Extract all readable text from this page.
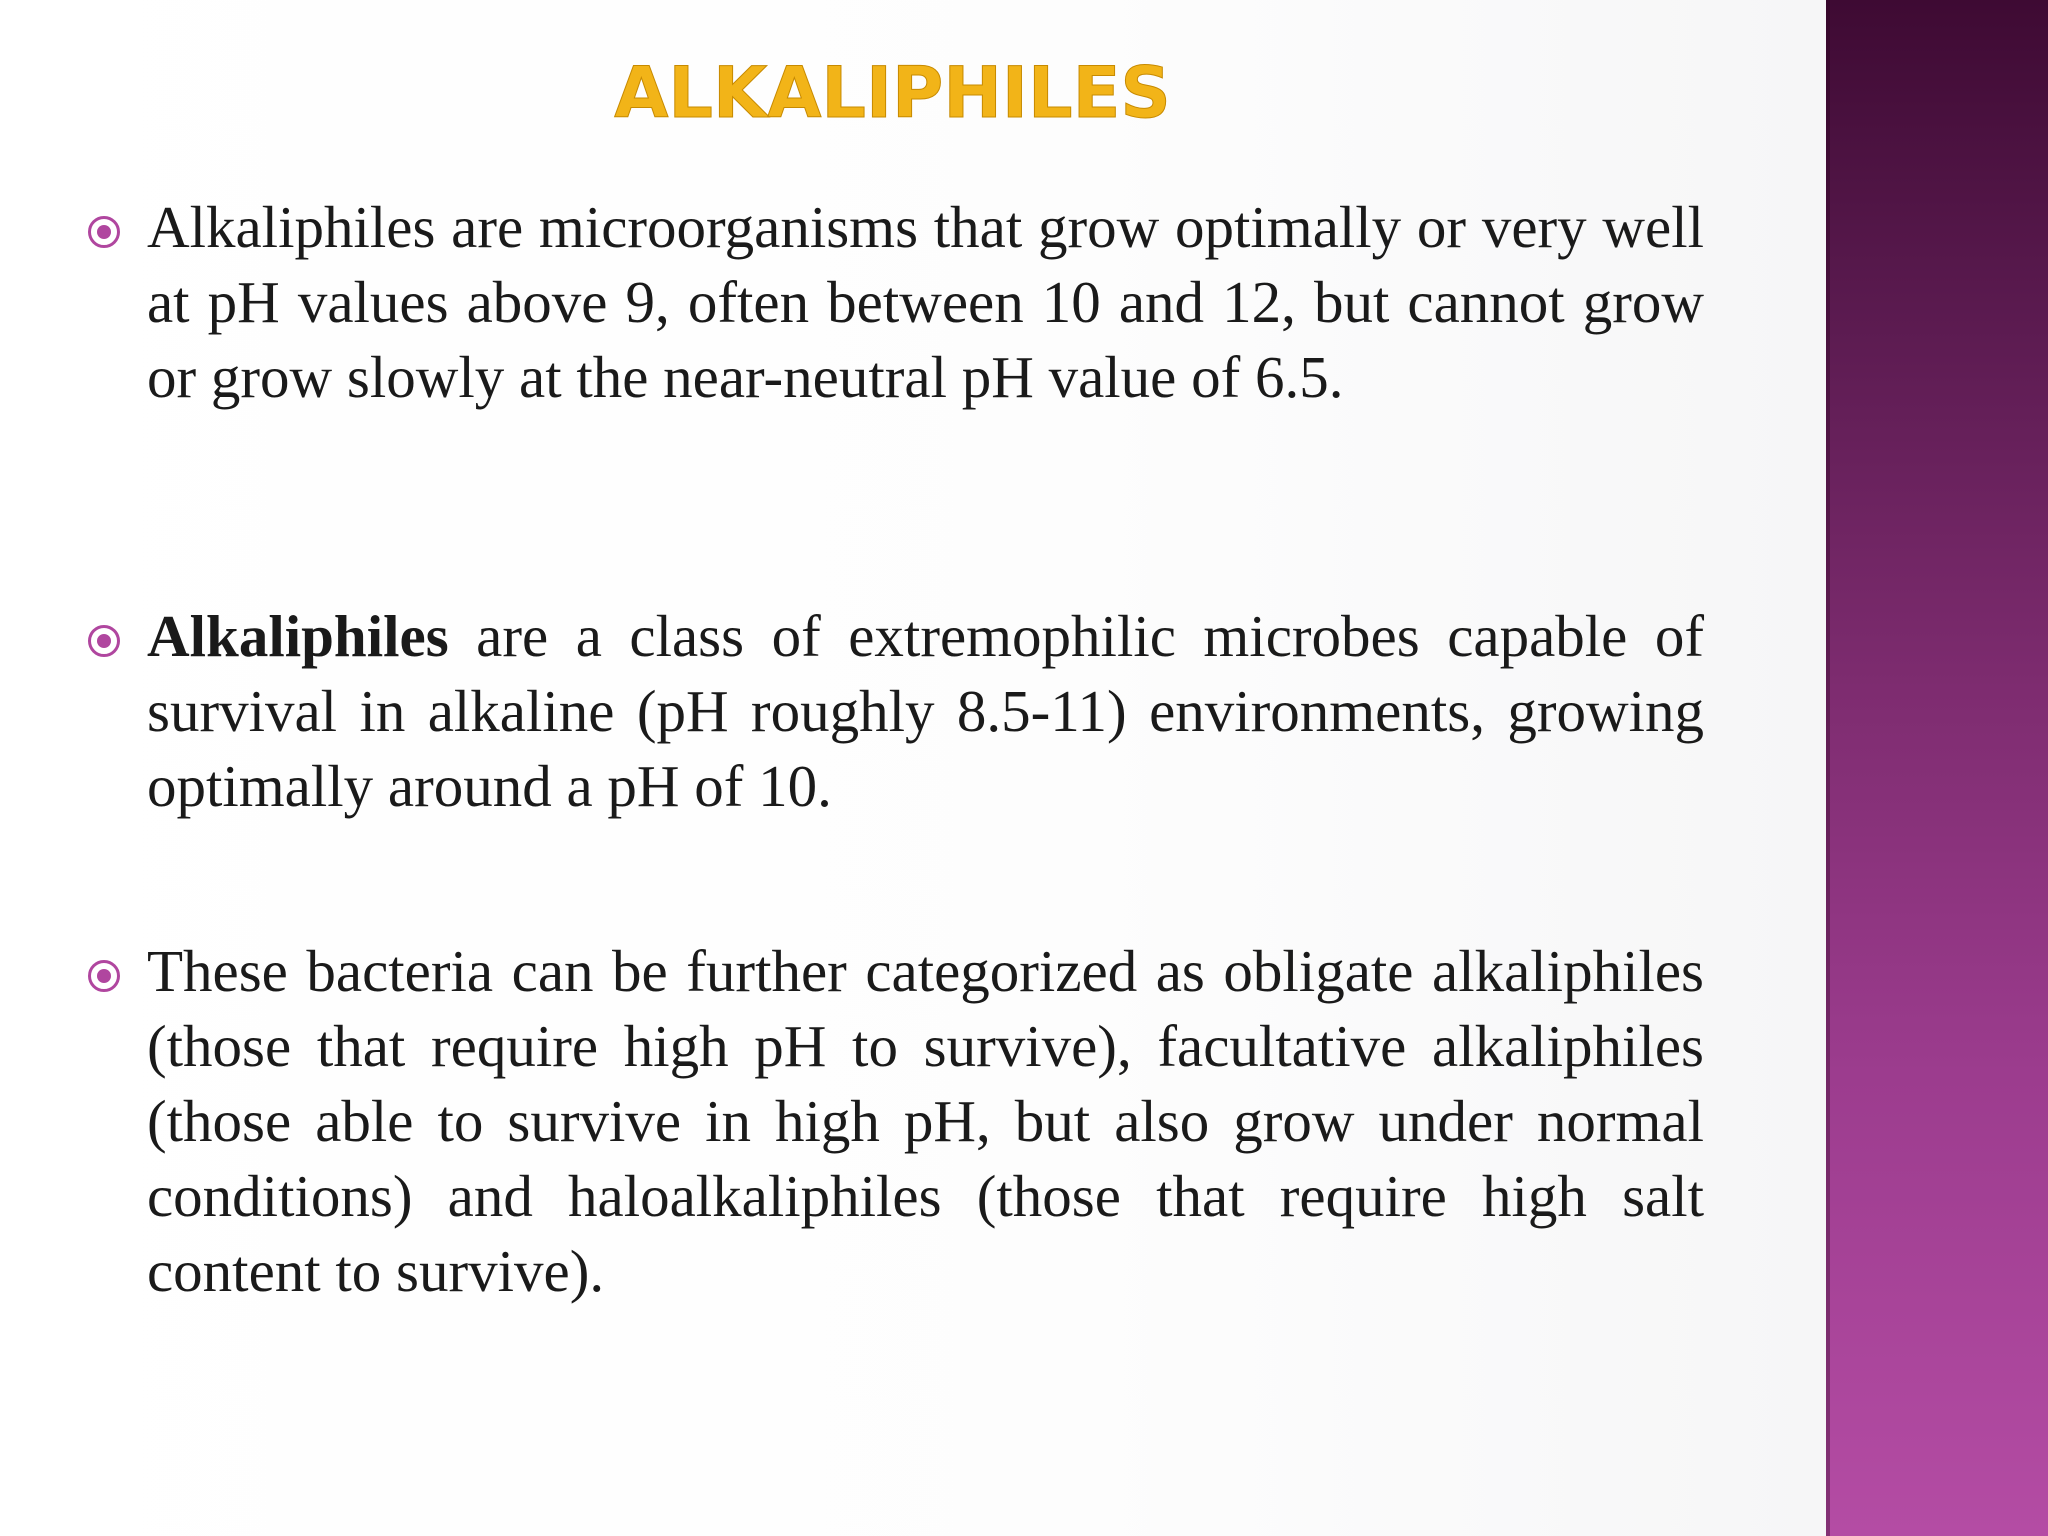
ALKALIPHILES
Alkaliphiles are microorganisms that grow optimally or very well at pH values above 9, often between 10 and 12, but cannot grow or grow slowly at the near-neutral pH value of 6.5.
Alkaliphiles are a class of extremophilic microbes capable of survival in alkaline (pH roughly 8.5-11) environments, growing optimally around a pH of 10.
These bacteria can be further categorized as obligate alkaliphiles (those that require high pH to survive), facultative alkaliphiles (those able to survive in high pH, but also grow under normal conditions) and haloalkaliphiles (those that require high salt content to survive).
